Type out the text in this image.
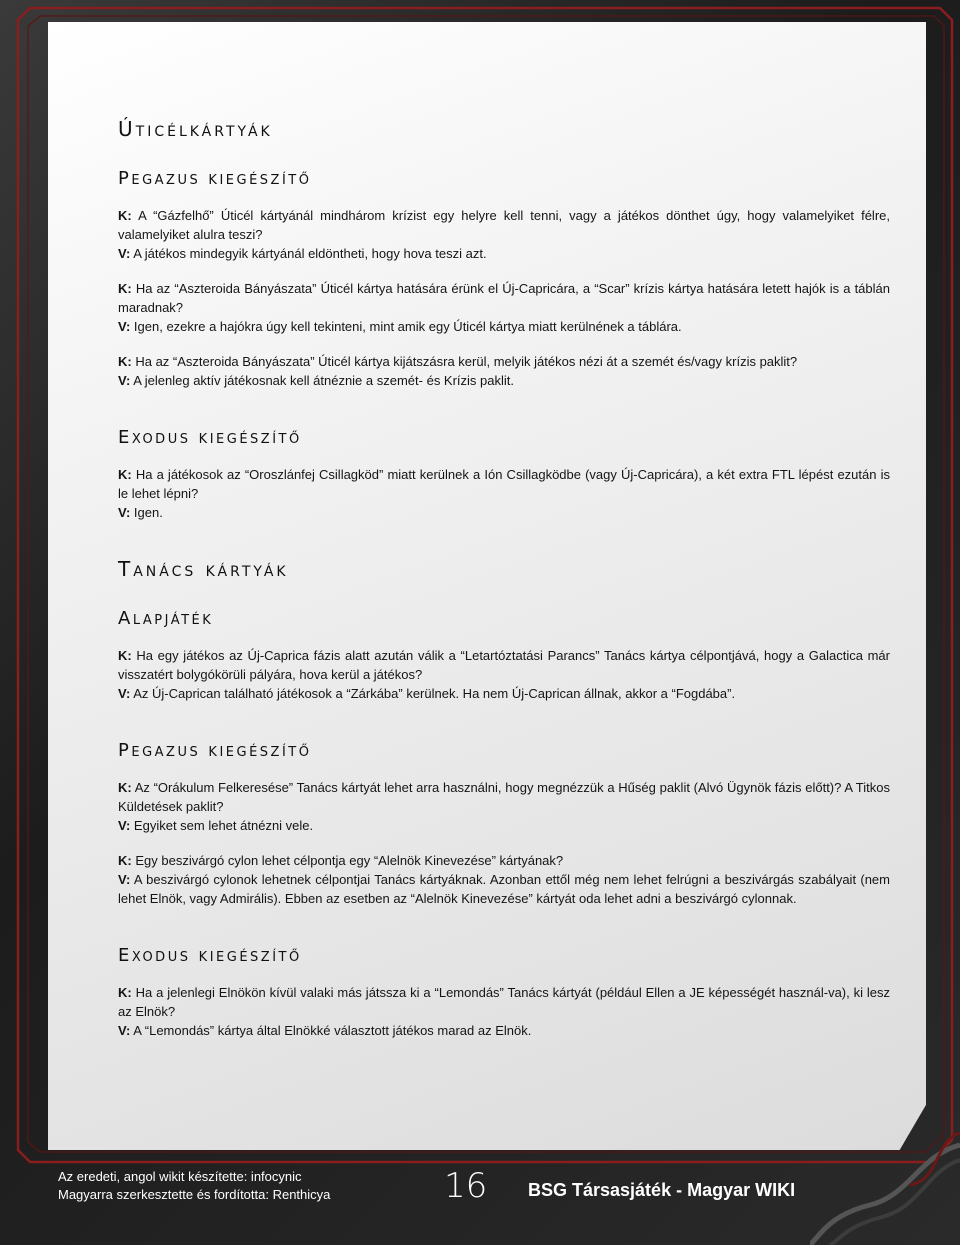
Úticélkártyák
Pegazus kiegészítő

K: A “Gázfelhő” Úticél kártyánál mindhárom krízist egy helyre kell tenni, vagy a játékos dönthet úgy, hogy valamelyiket félre, valamelyiket alulra teszi?

V: A játékos mindegyik kártyánál eldöntheti, hogy hova teszi azt.

K: Ha az “Aszteroida Bányászata” Úticél kártya hatására érünk el Új-Capricára, a “Scar” krízis kártya hatására letett hajók is a táblán maradnak?

V: Igen, ezekre a hajókra úgy kell tekinteni, mint amik egy Úticél kártya miatt kerülnének a táblára.

K: Ha az “Aszteroida Bányászata” Úticél kártya kijátszásra kerül, melyik játékos nézi át a szemét és/vagy krízis paklit?

V: A jelenleg aktív játékosnak kell átnéznie a szemét- és Krízis paklit.

Exodus kiegészítő

K: Ha a játékosok az “Oroszlánfej Csillagköd” miatt kerülnek a Ión Csillagködbe (vagy Új-Capricára), a két extra FTL lépést ezután is le lehet lépni?

V: Igen.

Tanács kártyák
Alapjáték

K: Ha egy játékos az Új-Caprica fázis alatt azután válik a “Letartóztatási Parancs” Tanács kártya célpontjává, hogy a Galactica már visszatért bolygókörüli pályára, hova kerül a játékos?

V: Az Új-Caprican található játékosok a “Zárkába” kerülnek. Ha nem Új-Caprican állnak, akkor a “Fogdába”.

Pegazus kiegészítő

K: Az “Orákulum Felkeresése” Tanács kártyát lehet arra használni, hogy megnézzük a Hűség paklit (Alvó Ügynök fázis előtt)? A Titkos Küldetések paklit?

V: Egyiket sem lehet átnézni vele.

K: Egy beszivárgó cylon lehet célpontja egy “Alelnök Kinevezése” kártyának?

V: A beszivárgó cylonok lehetnek célpontjai Tanács kártyáknak. Azonban ettől még nem lehet felrúgni a beszivárgás szabályait (nem lehet Elnök, vagy Admirális). Ebben az esetben az “Alelnök Kinevezése” kártyát oda lehet adni a beszivárgó cylonnak.

Exodus kiegészítő

K: Ha a jelenlegi Elnökön kívül valaki más játssza ki a “Lemondás” Tanács kártyát (például Ellen a JE képességét használ-va), ki lesz az Elnök?

V: A “Lemondás” kártya által Elnökké választott játékos marad az Elnök.

Az eredeti, angol wikit készítette: infocynic
Magyarra szerkesztette és fordította: Renthicya	16 BSG Társasjáték - Magyar WIKI
